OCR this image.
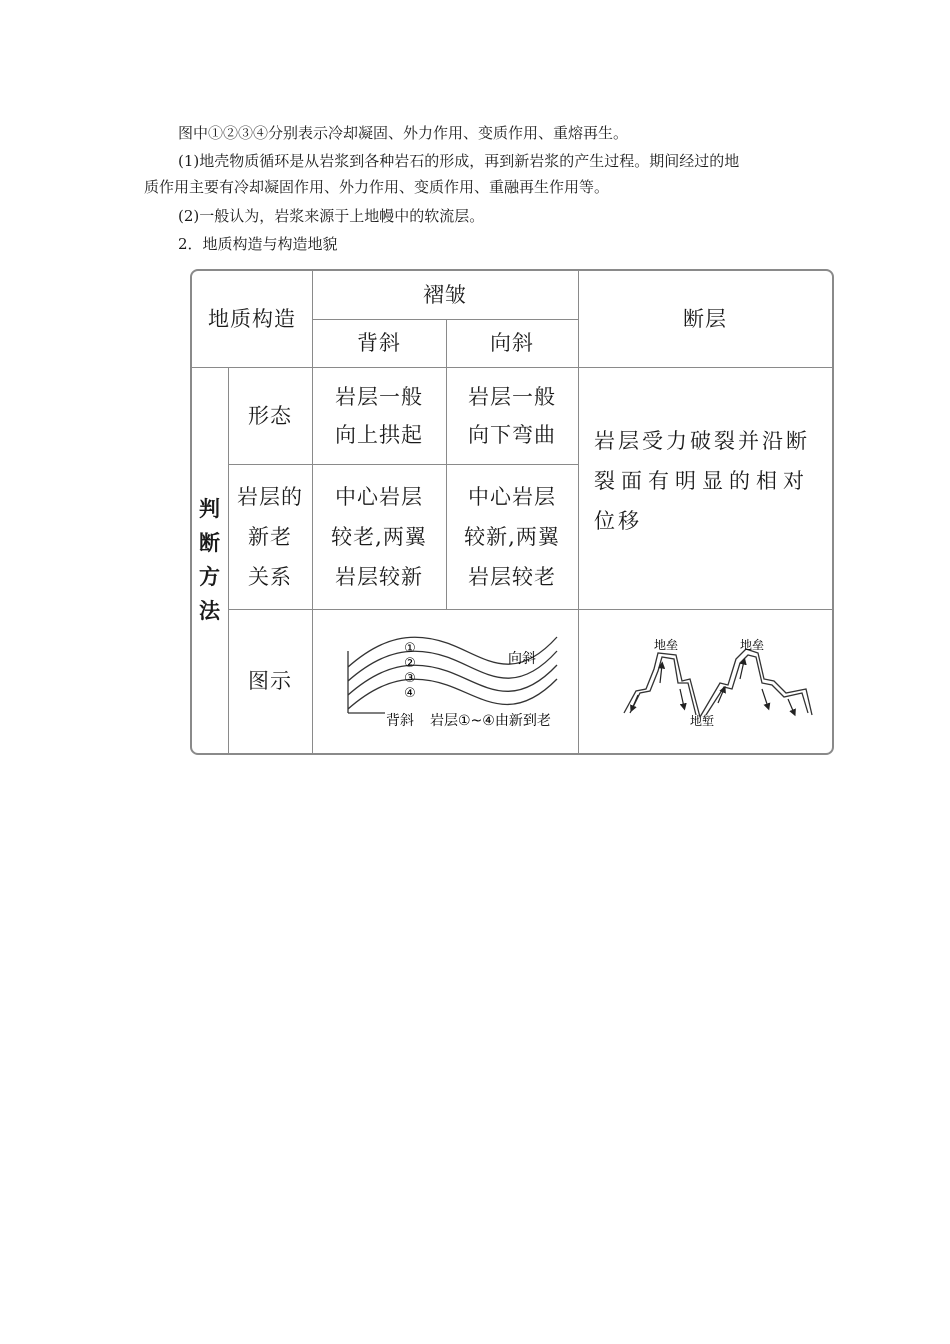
图中①②③④分别表示冷却凝固、外力作用、变质作用、重熔再生。
(1)地壳物质循环是从岩浆到各种岩石的形成，再到新岩浆的产生过程。期间经过的地
质作用主要有冷却凝固作用、外力作用、变质作用、重融再生作用等。
(2)一般认为，岩浆来源于上地幔中的软流层。
2．地质构造与构造地貌
地质构造
褶皱
背斜	向斜
断层
判
断
方
法
形态
岩层一般
向上拱起
岩层一般
向下弯曲
岩层的
新老
关系
中心岩层
较老,两翼
岩层较新
中心岩层
较新,两翼
岩层较老
岩层受力破裂并沿断
裂面有明显的相对
位移
图示
①
②
③
④
向斜
背斜 岩层①~④由新到老
地垒	地垒
地堑
